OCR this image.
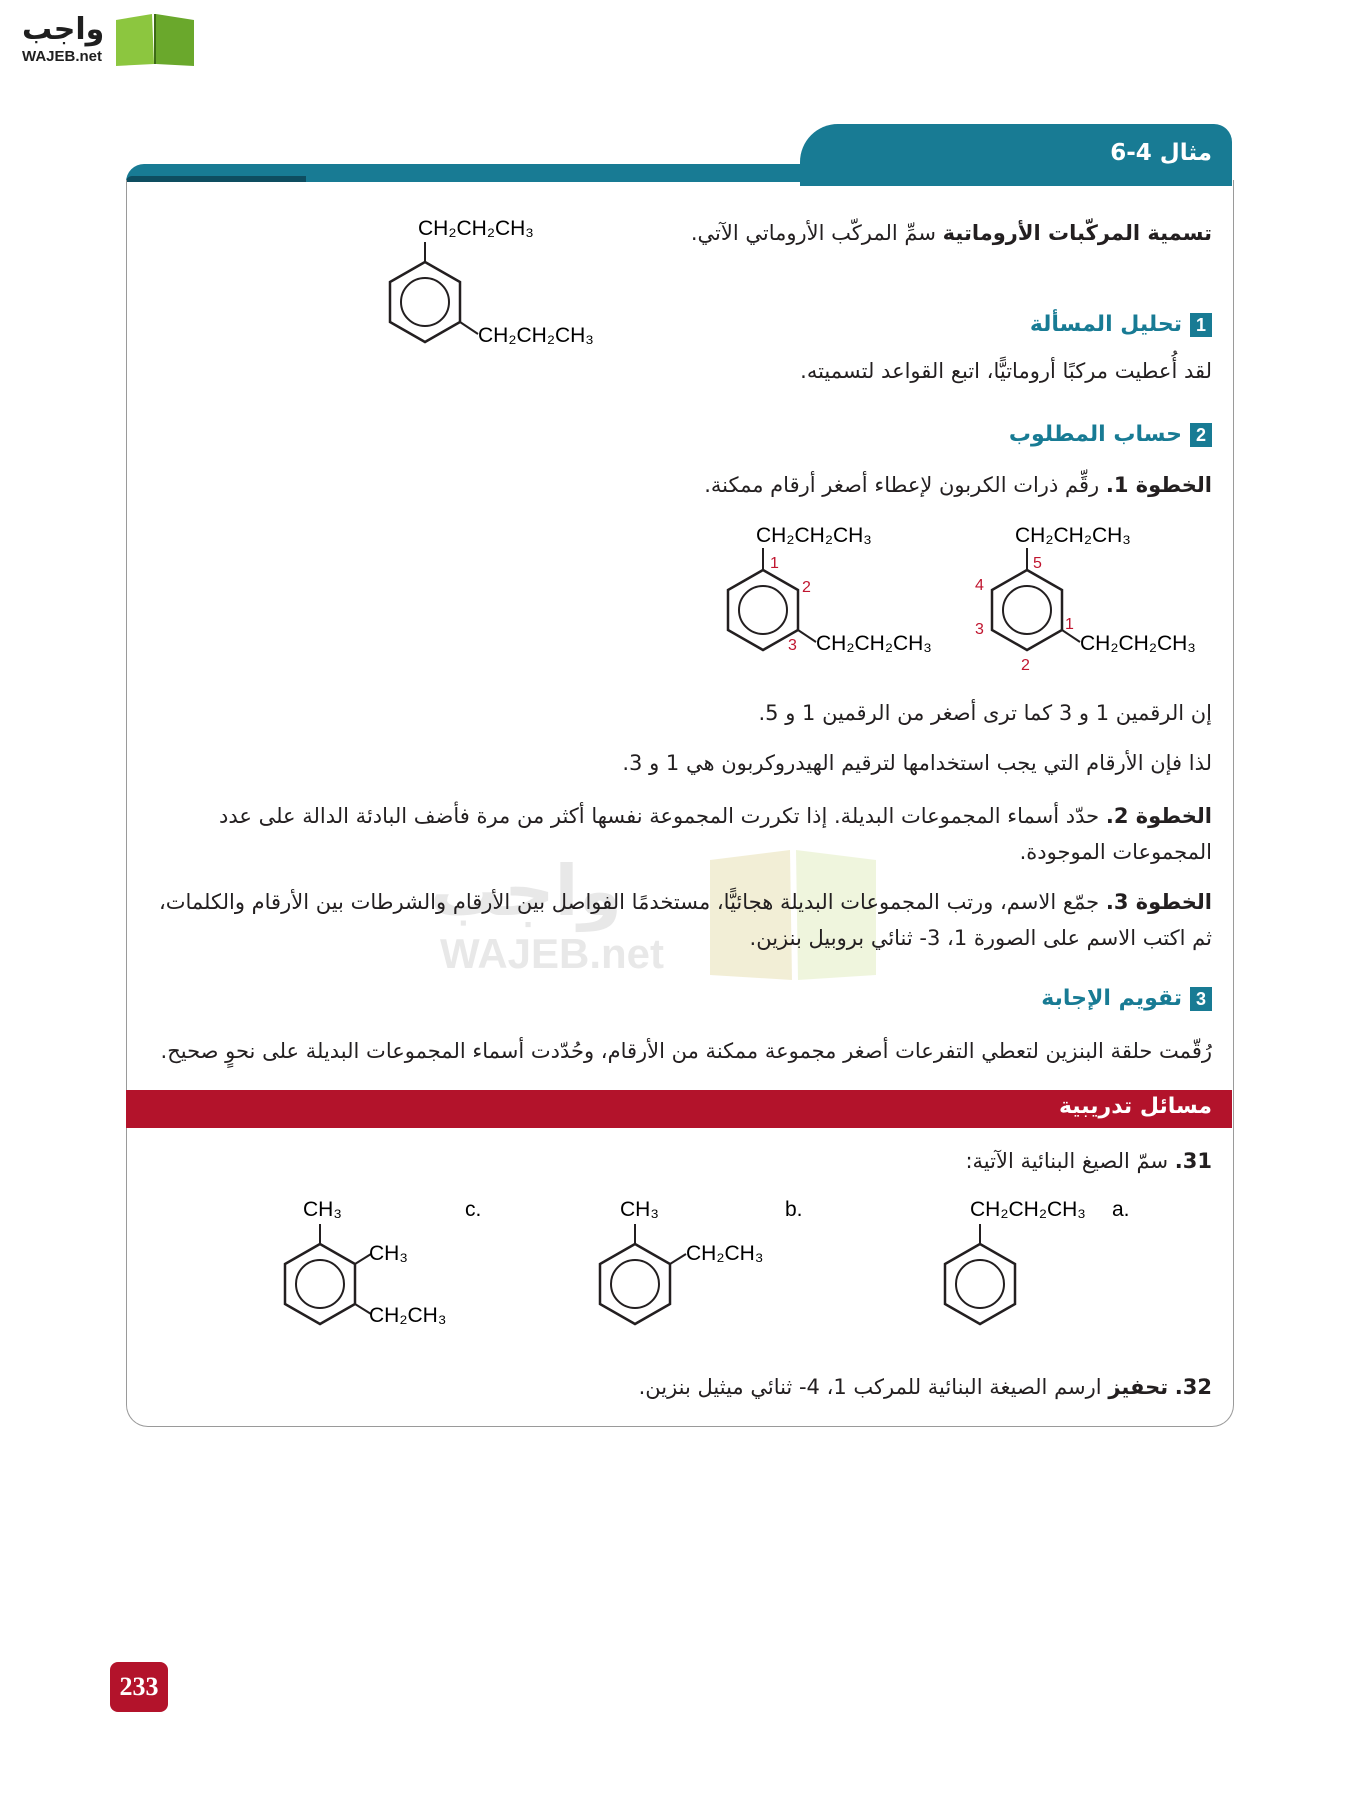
واجب
WAJEB.net
مثال 4-6
واجب
WAJEB.net
تسمية المركّبات الأروماتية سمِّ المركّب الأروماتي الآتي.
CH₂CH₂CH₃
CH₂CH₂CH₃	1
تحليل المسألة
لقد أُعطيت مركبًا أروماتيًّا، اتبع القواعد لتسميته.
2
حساب المطلوب
الخطوة 1. رقِّم ذرات الكربون لإعطاء أصغر أرقام ممكنة.
CH₂CH₂CH₃
CH₂CH₂CH₃
1
2
3
CH₂CH₂CH₃
CH₂CH₂CH₃
1
2
3
4
5
إن الرقمين 1 و 3 كما ترى أصغر من الرقمين 1 و 5.
لذا فإن الأرقام التي يجب استخدامها لترقيم الهيدروكربون هي 1 و 3.
الخطوة 2. حدّد أسماء المجموعات البديلة. إذا تكررت المجموعة نفسها أكثر من مرة فأضف البادئة الدالة على عدد المجموعات الموجودة.
الخطوة 3. جمّع الاسم، ورتب المجموعات البديلة هجائيًّا، مستخدمًا الفواصل بين الأرقام والشرطات بين الأرقام والكلمات، ثم اكتب الاسم على الصورة 1، 3- ثنائي بروبيل بنزين.
3
تقويم الإجابة
رُقّمت حلقة البنزين لتعطي التفرعات أصغر مجموعة ممكنة من الأرقام، وحُدّدت أسماء المجموعات البديلة على نحوٍ صحيح.
مسائل تدريبية
31. سمّ الصيغ البنائية الآتية:
a.
CH₂CH₂CH₃
b.
CH₃
CH₂CH₃
c.
CH₃
CH₃
CH₂CH₃
32. تحفيز ارسم الصيغة البنائية للمركب 1، 4- ثنائي ميثيل بنزين.
233
